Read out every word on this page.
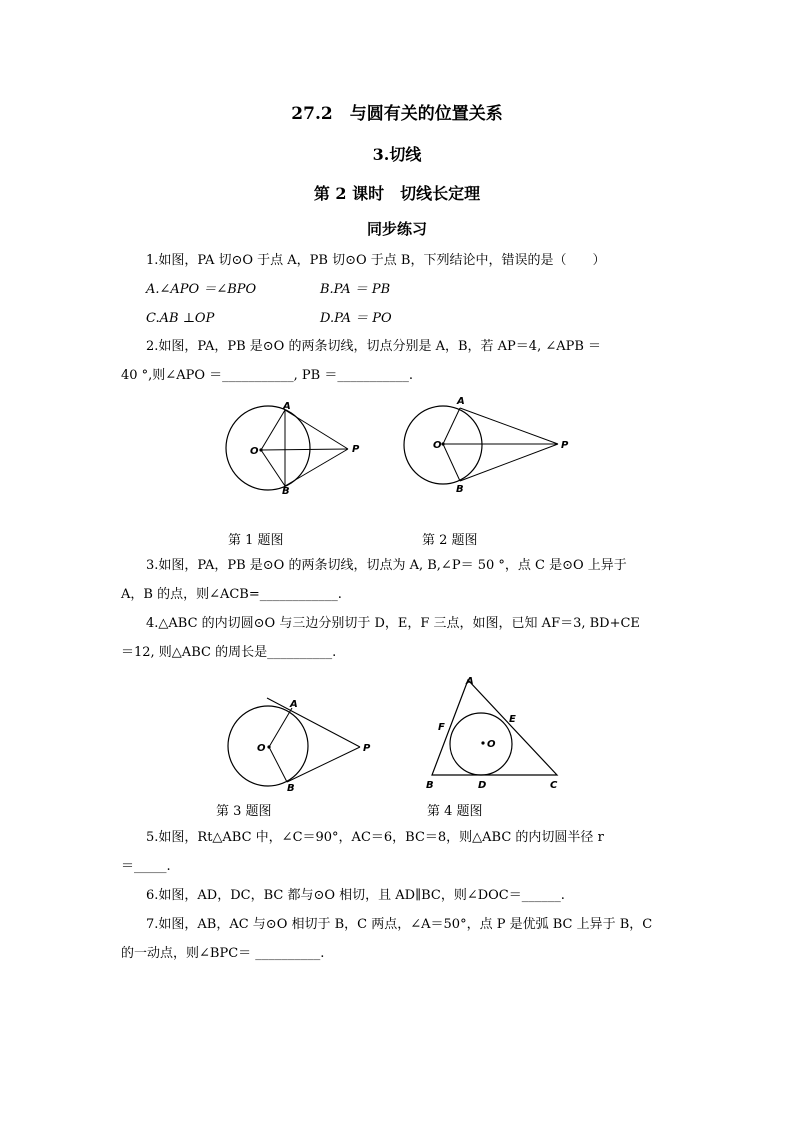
27.2　与圆有关的位置关系
3.切线
第 2 课时　切线长定理
同步练习
1.如图，PA 切⊙O 于点 A，PB 切⊙O 于点 B，下列结论中，错误的是（　　）
A.∠APO ＝∠BPO	B.PA ＝ PB
C.AB ⊥OP	D.PA ＝ PO
2.如图，PA，PB 是⊙O 的两条切线，切点分别是 A，B，若 AP＝4, ∠APB ＝
40 °,则∠APO ＝___________, PB ＝___________.
A
B
O	P
A
B
O	P
第 1 题图	第 2 题图
3.如图，PA，PB 是⊙O 的两条切线，切点为 A, B,∠P＝ 50 °，点 C 是⊙O 上异于
A，B 的点，则∠ACB=____________.
4.△ABC 的内切圆⊙O 与三边分别切于 D，E，F 三点，如图，已知 AF＝3, BD+CE
＝12, 则△ABC 的周长是__________.
A
B
O	P
A
B	C
D
E
F
O
第 3 题图	第 4 题图
5.如图，Rt△ABC 中，∠C＝90°，AC＝6，BC＝8，则△ABC 的内切圆半径 r
＝_____.
6.如图，AD，DC，BC 都与⊙O 相切，且 AD∥BC，则∠DOC＝______.
7.如图，AB，AC 与⊙O 相切于 B，C 两点，∠A＝50°，点 P 是优弧 BC 上异于 B，C
的一动点，则∠BPC＝ __________.
